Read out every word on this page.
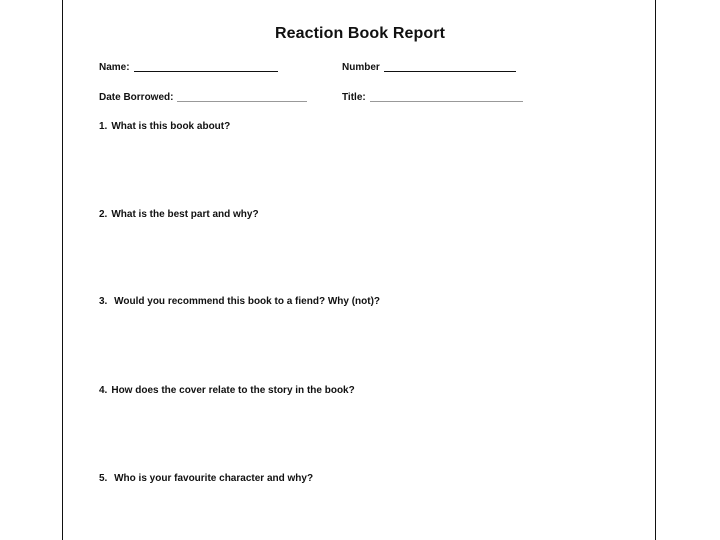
Reaction Book Report
Name:	Number
Date Borrowed:	Title:
1. What is this book about?
2. What is the best part and why?
3. Would you recommend this book to a fiend? Why (not)?
4. How does the cover relate to the story in the book?
5. Who is your favourite character and why?
